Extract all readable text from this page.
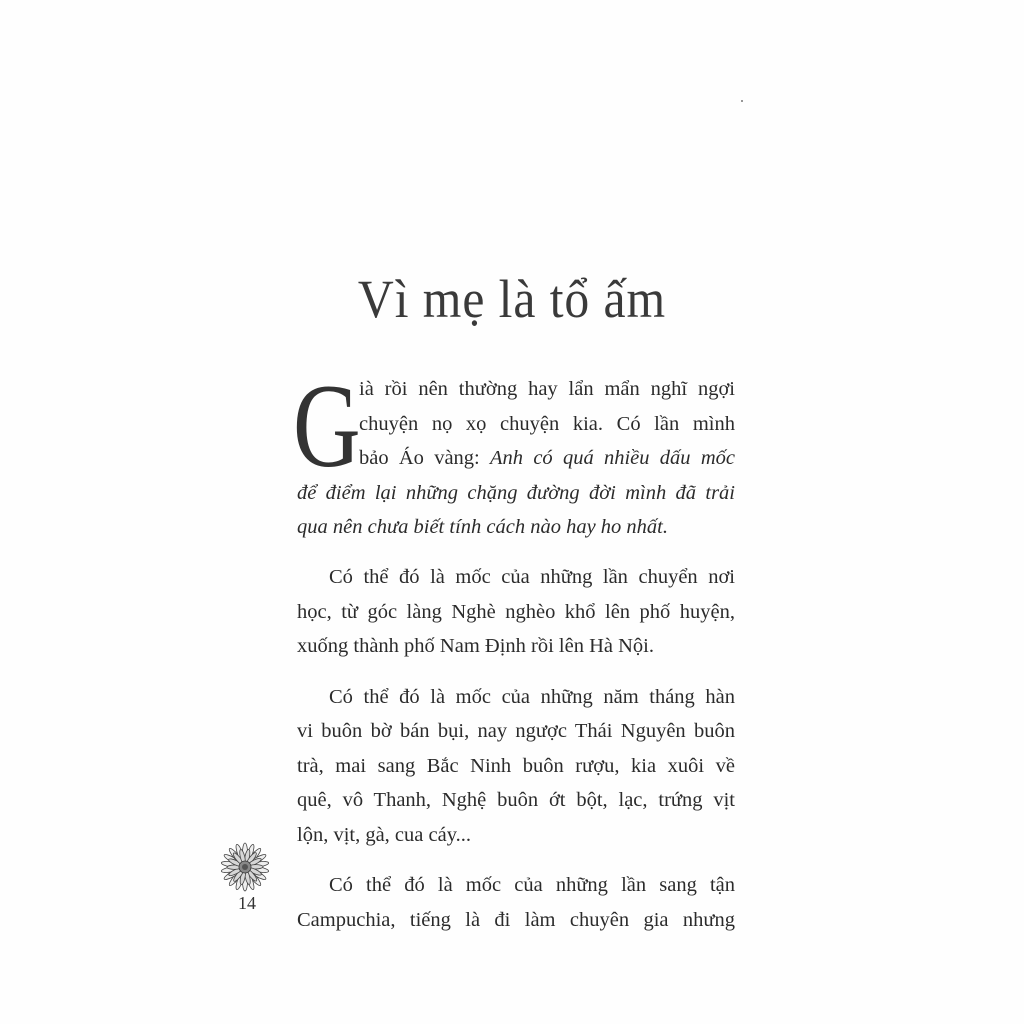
Vì mẹ là tổ ấm
G
ià rồi nên thường hay lẩn mẩn nghĩ ngợi
chuyện nọ xọ chuyện kia. Có lần mình
bảo Áo vàng: Anh có quá nhiều dấu mốc
để điểm lại những chặng đường đời mình đã trải
qua nên chưa biết tính cách nào hay ho nhất.
Có thể đó là mốc của những lần chuyển nơi
học, từ góc làng Nghè nghèo khổ lên phố huyện,
xuống thành phố Nam Định rồi lên Hà Nội.
Có thể đó là mốc của những năm tháng hàn
vi buôn bờ bán bụi, nay ngược Thái Nguyên buôn
trà, mai sang Bắc Ninh buôn rượu, kia xuôi về
quê, vô Thanh, Nghệ buôn ớt bột, lạc, trứng vịt
lộn, vịt, gà, cua cáy...
Có thể đó là mốc của những lần sang tận
Campuchia, tiếng là đi làm chuyên gia nhưng
14
